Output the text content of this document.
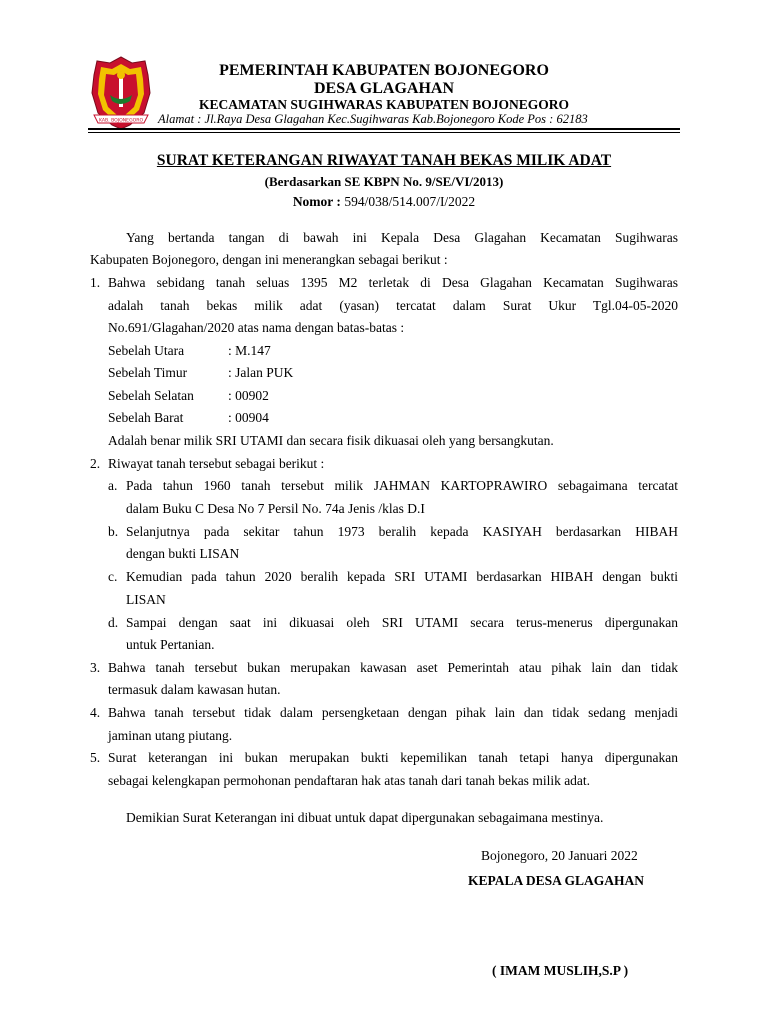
KAB. BOJONEGORO
PEMERINTAH KABUPATEN BOJONEGORO
DESA GLAGAHAN
KECAMATAN SUGIHWARAS KABUPATEN BOJONEGORO
Alamat : Jl.Raya Desa Glagahan Kec.Sugihwaras Kab.Bojonegoro Kode Pos : 62183
SURAT KETERANGAN RIWAYAT TANAH BEKAS MILIK ADAT
(Berdasarkan SE KBPN No. 9/SE/VI/2013)
Nomor : 594/038/514.007/I/2022
Yang bertanda tangan di bawah ini Kepala Desa Glagahan Kecamatan Sugihwaras
Kabupaten Bojonegoro, dengan ini menerangkan sebagai berikut :
1. Bahwa sebidang tanah seluas 1395 M2 terletak di Desa Glagahan Kecamatan Sugihwaras
adalah tanah bekas milik adat (yasan) tercatat dalam Surat Ukur Tgl.04-05-2020
No.691/Glagahan/2020 atas nama dengan batas-batas :
Sebelah Utara	: M.147
Sebelah Timur	: Jalan PUK
Sebelah Selatan	: 00902
Sebelah Barat	: 00904
Adalah benar milik SRI UTAMI dan secara fisik dikuasai oleh yang bersangkutan.
2. Riwayat tanah tersebut sebagai berikut :
a. Pada tahun 1960 tanah tersebut milik JAHMAN KARTOPRAWIRO sebagaimana tercatat
dalam Buku C Desa No 7 Persil No. 74a Jenis /klas D.I
b. Selanjutnya pada sekitar tahun 1973 beralih kepada KASIYAH berdasarkan HIBAH
dengan bukti LISAN
c. Kemudian pada tahun 2020 beralih kepada SRI UTAMI berdasarkan HIBAH dengan bukti
LISAN
d. Sampai dengan saat ini dikuasai oleh SRI UTAMI secara terus-menerus dipergunakan
untuk Pertanian.
3. Bahwa tanah tersebut bukan merupakan kawasan aset Pemerintah atau pihak lain dan tidak
termasuk dalam kawasan hutan.
4. Bahwa tanah tersebut tidak dalam persengketaan dengan pihak lain dan tidak sedang menjadi
jaminan utang piutang.
5. Surat keterangan ini bukan merupakan bukti kepemilikan tanah tetapi hanya dipergunakan
sebagai kelengkapan permohonan pendaftaran hak atas tanah dari tanah bekas milik adat.
Demikian Surat Keterangan ini dibuat untuk dapat dipergunakan sebagaimana mestinya.
Bojonegoro, 20 Januari 2022
KEPALA DESA GLAGAHAN
( IMAM MUSLIH,S.P )
